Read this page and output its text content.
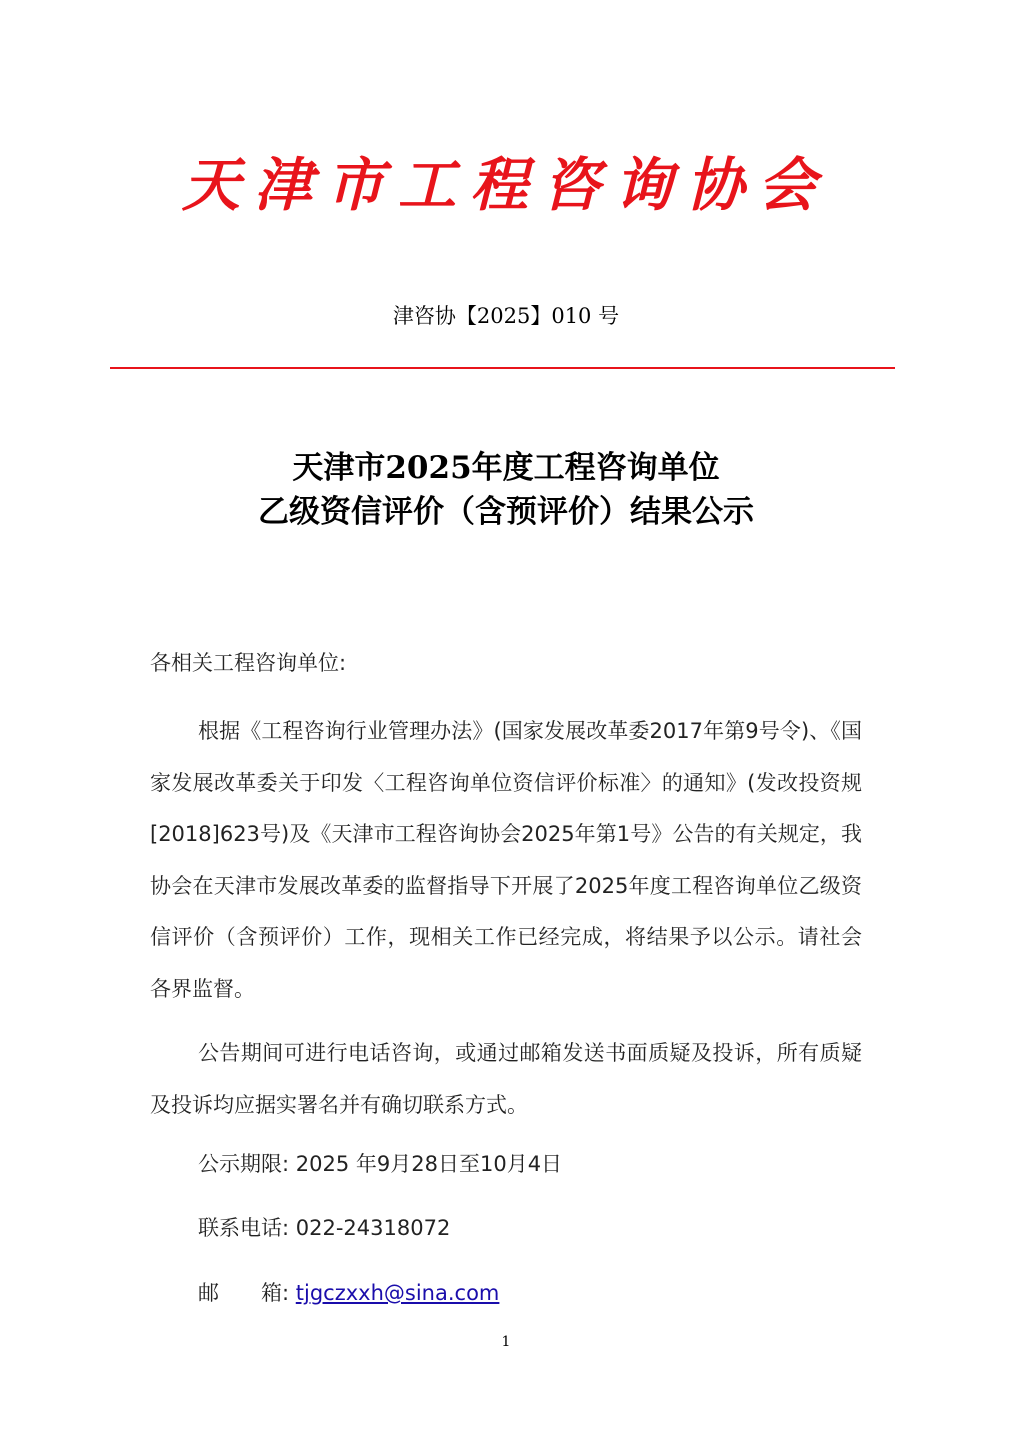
天津市工程咨询协会
津咨协【2025】010 号
天津市2025年度工程咨询单位
乙级资信评价（含预评价）结果公示
各相关工程咨询单位:
根据《工程咨询行业管理办法》(国家发展改革委2017年第9号令)、《国家发展改革委关于印发〈工程咨询单位资信评价标准〉的通知》(发改投资规[2018]623号)及《天津市工程咨询协会2025年第1号》公告的有关规定，我协会在天津市发展改革委的监督指导下开展了2025年度工程咨询单位乙级资信评价（含预评价）工作，现相关工作已经完成，将结果予以公示。请社会各界监督。
公告期间可进行电话咨询，或通过邮箱发送书面质疑及投诉，所有质疑及投诉均应据实署名并有确切联系方式。
公示期限: 2025 年9月28日至10月4日
联系电话: 022-24318072
邮　　箱: tjgczxxh@sina.com
1
